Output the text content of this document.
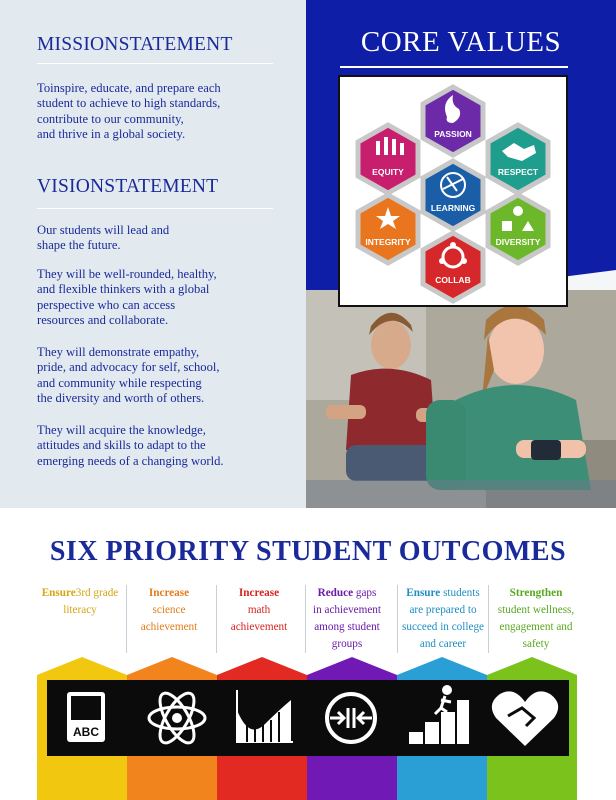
MISSIONSTATEMENT

Toinspire, educate, and prepare each
student to achieve to high standards,
contribute to our community,
and thrive in a global society.

VISIONSTATEMENT

Our students will lead and
shape the future.

They will be well-rounded, healthy,
and flexible thinkers with a global
perspective who can access
resources and collaborate.

They will demonstrate empathy,
pride, and advocacy for self, school,
and community while respecting
the diversity and worth of others.

They will acquire the knowledge,
attitudes and skills to adapt to the
emerging needs of a changing world.

CORE VALUES
PASSION
EQUITY	RESPECT
LEARNING
INTEGRITY	DIVERSITY
COLLAB
SIX PRIORITY STUDENT OUTCOMES
Ensure3rd grade
literacy
Increase
science
achievement
Increase
math
achievement
Reduce gaps
in achievement
among student
groups
Ensure students
are prepared to
succeed in college
and career
Strengthen
student wellness,
engagement and
safety
ABC
